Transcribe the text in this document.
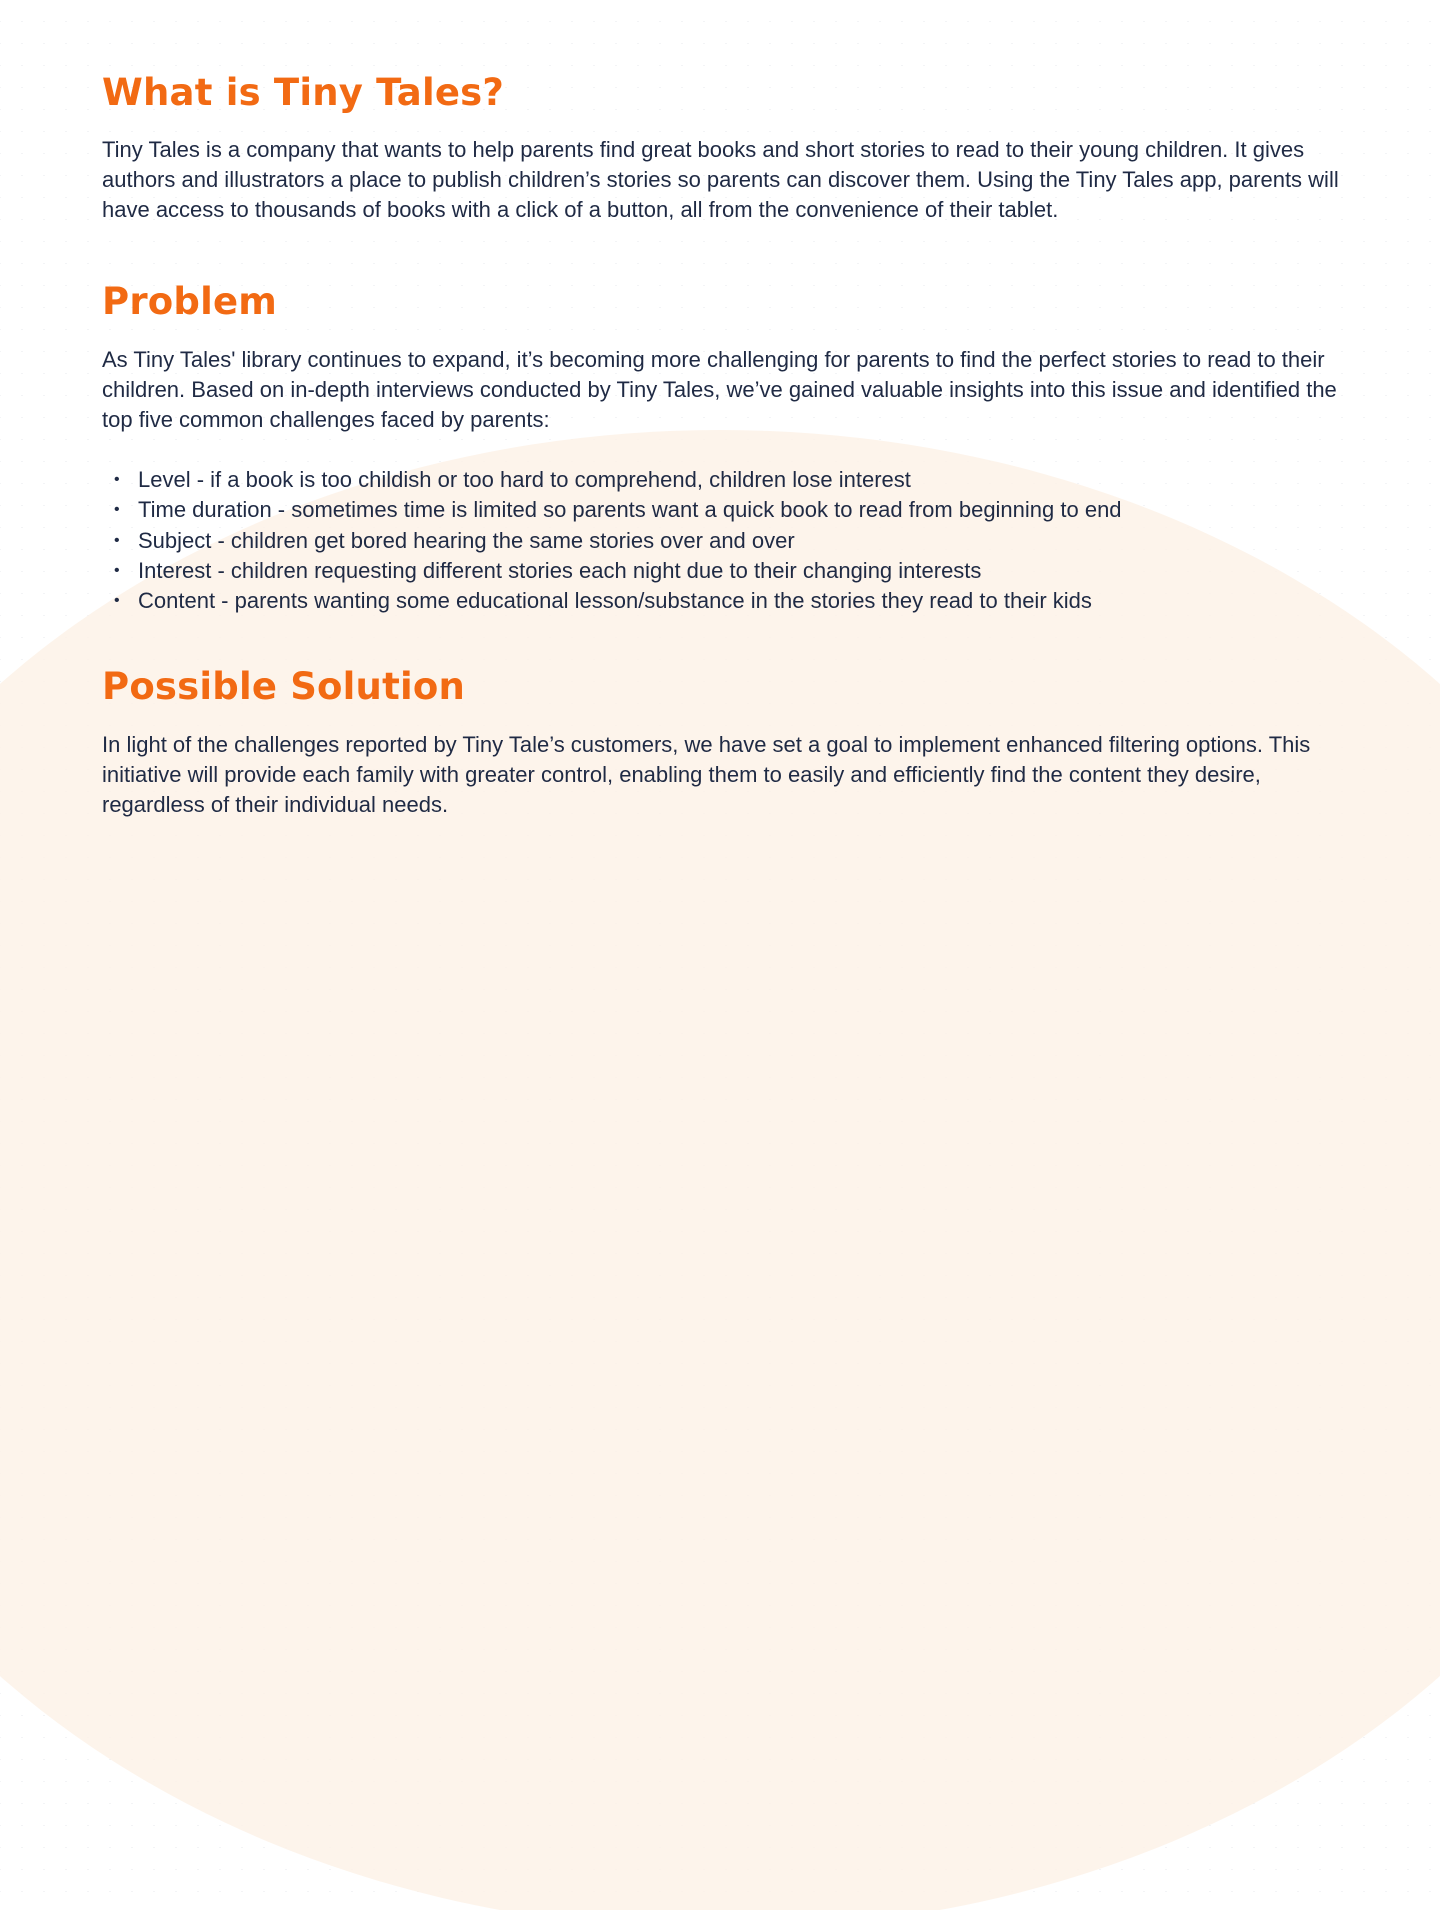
What is Tiny Tales?

Tiny Tales is a company that wants to help parents find great books and short stories to read to their young children. It gives authors and illustrators a place to publish children’s stories so parents can discover them. Using the Tiny Tales app, parents will have access to thousands of books with a click of a button, all from the convenience of their tablet.

Problem

As Tiny Tales' library continues to expand, it’s becoming more challenging for parents to find the perfect stories to read to their children. Based on in-depth interviews conducted by Tiny Tales, we’ve gained valuable insights into this issue and identified the top five common challenges faced by parents:

• Level - if a book is too childish or too hard to comprehend, children lose interest
• Time duration - sometimes time is limited so parents want a quick book to read from beginning to end
• Subject - children get bored hearing the same stories over and over
• Interest - children requesting different stories each night due to their changing interests
• Content - parents wanting some educational lesson/substance in the stories they read to their kids
Possible Solution

In light of the challenges reported by Tiny Tale’s customers, we have set a goal to implement enhanced filtering options. This initiative will provide each family with greater control, enabling them to easily and efficiently find the content they desire, regardless of their individual needs.
